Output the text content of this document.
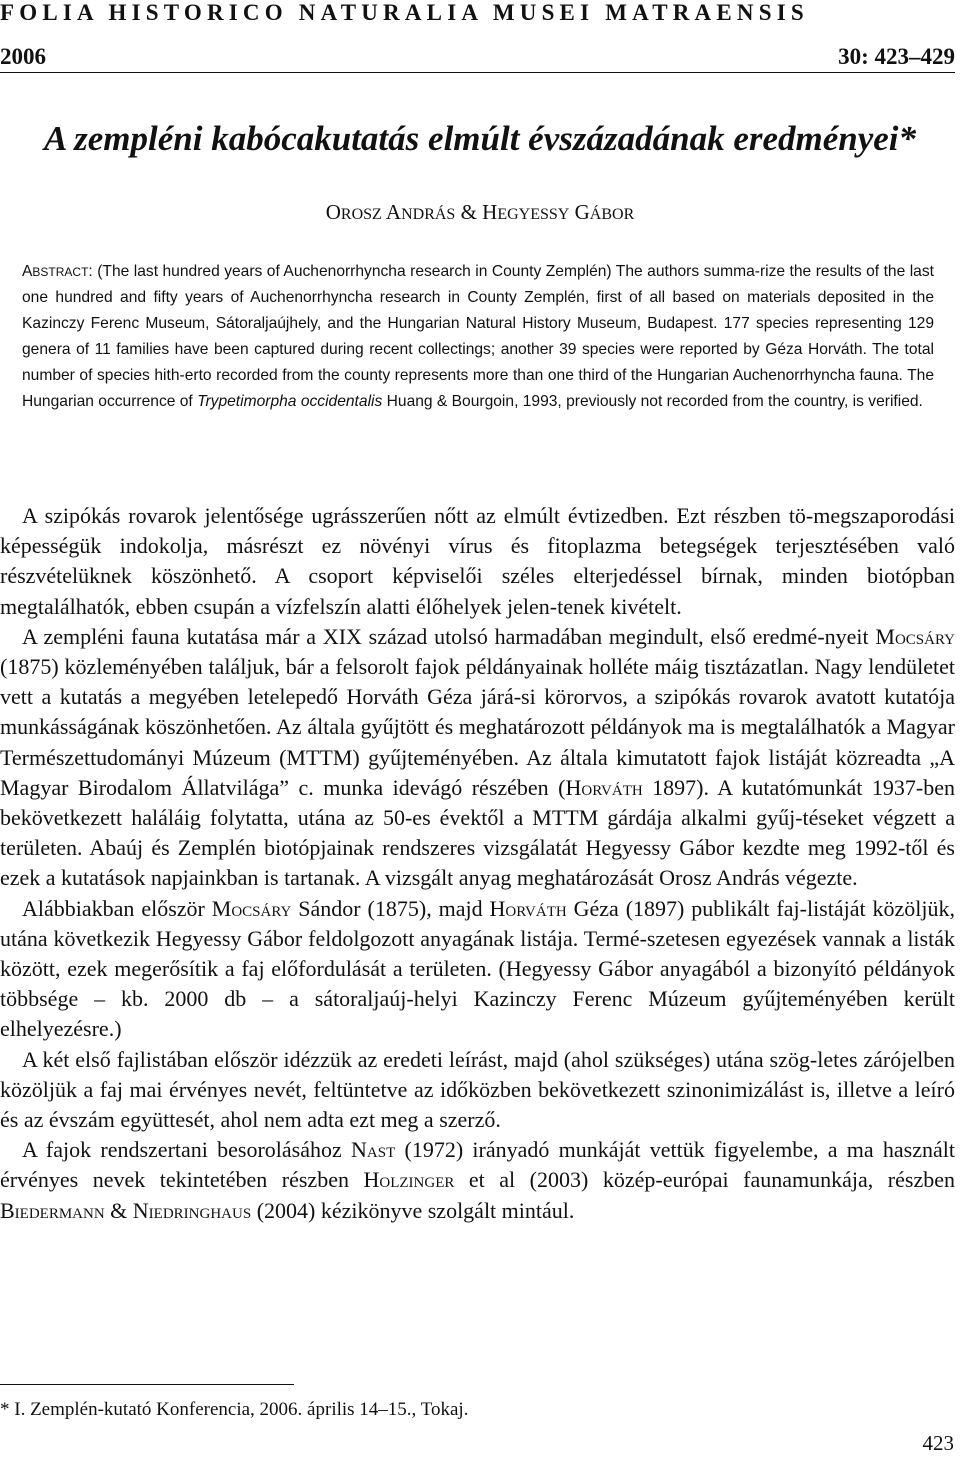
FOLIA HISTORICO NATURALIA MUSEI MATRAENSIS
2006	30: 423–429
A zempléni kabócakutatás elmúlt évszázadának eredményei*
OROSZ ANDRÁS & HEGYESSY GÁBOR
ABSTRACT: (The last hundred years of Auchenorrhyncha research in County Zemplén) The authors summa-rize the results of the last one hundred and fifty years of Auchenorrhyncha research in County Zemplén, first of all based on materials deposited in the Kazinczy Ferenc Museum, Sátoraljaújhely, and the Hungarian Natural History Museum, Budapest. 177 species representing 129 genera of 11 families have been captured during recent collectings; another 39 species were reported by Géza Horváth. The total number of species hith-erto recorded from the county represents more than one third of the Hungarian Auchenorrhyncha fauna. The Hungarian occurrence of Trypetimorpha occidentalis Huang & Bourgoin, 1993, previously not recorded from the country, is verified.

A szipókás rovarok jelentősége ugrásszerűen nőtt az elmúlt évtizedben. Ezt részben tö-megszaporodási képességük indokolja, másrészt ez növényi vírus és fitoplazma betegségek terjesztésében való részvételüknek köszönhető. A csoport képviselői széles elterjedéssel bírnak, minden biotópban megtalálhatók, ebben csupán a vízfelszín alatti élőhelyek jelen-tenek kivételt.

A zempléni fauna kutatása már a XIX század utolsó harmadában megindult, első eredmé-nyeit Mocsáry (1875) közleményében találjuk, bár a felsorolt fajok példányainak holléte máig tisztázatlan. Nagy lendületet vett a kutatás a megyében letelepedő Horváth Géza járá-si körorvos, a szipókás rovarok avatott kutatója munkásságának köszönhetően. Az általa gyűjtött és meghatározott példányok ma is megtalálhatók a Magyar Természettudományi Múzeum (MTTM) gyűjteményében. Az általa kimutatott fajok listáját közreadta „A Magyar Birodalom Állatvilága” c. munka idevágó részében (Horváth 1897). A kutatómunkát 1937-ben bekövetkezett haláláig folytatta, utána az 50-es évektől a MTTM gárdája alkalmi gyűj-téseket végzett a területen. Abaúj és Zemplén biotópjainak rendszeres vizsgálatát Hegyessy Gábor kezdte meg 1992-től és ezek a kutatások napjainkban is tartanak. A vizsgált anyag meghatározását Orosz András végezte.

Alábbiakban először Mocsáry Sándor (1875), majd Horváth Géza (1897) publikált faj-listáját közöljük, utána következik Hegyessy Gábor feldolgozott anyagának listája. Termé-szetesen egyezések vannak a listák között, ezek megerősítik a faj előfordulását a területen. (Hegyessy Gábor anyagából a bizonyító példányok többsége – kb. 2000 db – a sátoraljaúj-helyi Kazinczy Ferenc Múzeum gyűjteményében került elhelyezésre.)

A két első fajlistában először idézzük az eredeti leírást, majd (ahol szükséges) utána szög-letes zárójelben közöljük a faj mai érvényes nevét, feltüntetve az időközben bekövetkezett szinonimizálást is, illetve a leíró és az évszám együttesét, ahol nem adta ezt meg a szerző.

A fajok rendszertani besorolásához Nast (1972) irányadó munkáját vettük figyelembe, a ma használt érvényes nevek tekintetében részben Holzinger et al (2003) közép-európai faunamunkája, részben Biedermann & Niedringhaus (2004) kézikönyve szolgált mintául.

* I. Zemplén-kutató Konferencia, 2006. április 14–15., Tokaj.
423
